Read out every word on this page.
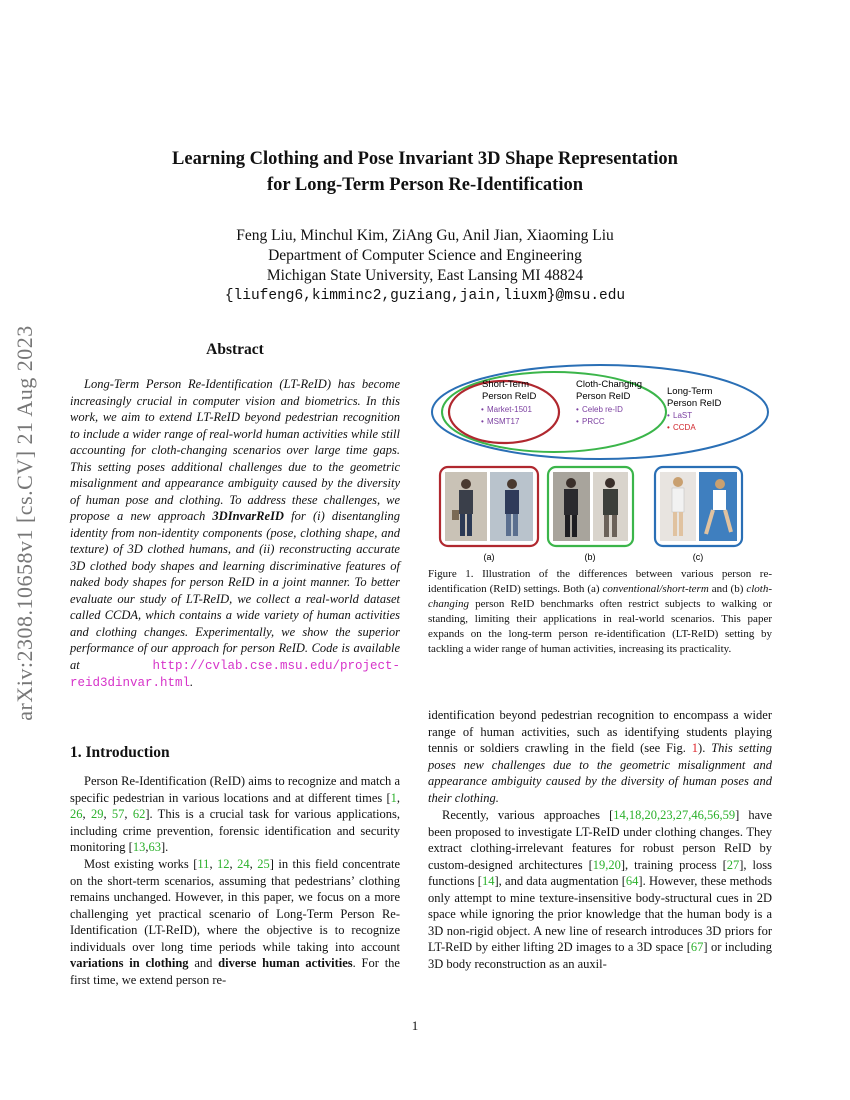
arXiv:2308.10658v1 [cs.CV] 21 Aug 2023
Learning Clothing and Pose Invariant 3D Shape Representation
for Long-Term Person Re-Identification
Feng Liu, Minchul Kim, ZiAng Gu, Anil Jian, Xiaoming Liu
Department of Computer Science and Engineering
Michigan State University, East Lansing MI 48824
{liufeng6,kimminc2,guziang,jain,liuxm}@msu.edu
Abstract
Long-Term Person Re-Identification (LT-ReID) has become increasingly crucial in computer vision and biometrics. In this work, we aim to extend LT-ReID beyond pedestrian recognition to include a wider range of real-world human activities while still accounting for cloth-changing scenarios over large time gaps. This setting poses additional challenges due to the geometric misalignment and appearance ambiguity caused by the diversity of human pose and clothing. To address these challenges, we propose a new approach 3DInvarReID for (i) disentangling identity from non-identity components (pose, clothing shape, and texture) of 3D clothed humans, and (ii) reconstructing accurate 3D clothed body shapes and learning discriminative features of naked body shapes for person ReID in a joint manner. To better evaluate our study of LT-ReID, we collect a real-world dataset called CCDA, which contains a wide variety of human activities and clothing changes. Experimentally, we show the superior performance of our approach for person ReID. Code is available at http://cvlab.cse.msu.edu/project-reid3dinvar.html.
Short-Term
Person ReID
• Market-1501
• MSMT17
Cloth-Changing
Person ReID
• Celeb re-ID
• PRCC
Long-Term
Person ReID
• LaST
• CCDA
(a)	(b)	(c)
Figure 1. Illustration of the differences between various person re-identification (ReID) settings. Both (a) conventional/short-term and (b) cloth-changing person ReID benchmarks often restrict subjects to walking or standing, limiting their applications in real-world scenarios. This paper expands on the long-term person re-identification (LT-ReID) setting by tackling a wider range of human activities, increasing its practicality.
1. Introduction
Person Re-Identification (ReID) aims to recognize and match a specific pedestrian in various locations and at different times [1, 26, 29, 57, 62]. This is a crucial task for various applications, including crime prevention, forensic identification and security monitoring [13,63].
Most existing works [11, 12, 24, 25] in this field concentrate on the short-term scenarios, assuming that pedestrians’ clothing remains unchanged. However, in this paper, we focus on a more challenging yet practical scenario of Long-Term Person Re-Identification (LT-ReID), where the objective is to recognize individuals over long time periods while taking into account variations in clothing and diverse human activities. For the first time, we extend person re-
identification beyond pedestrian recognition to encompass a wider range of human activities, such as identifying students playing tennis or soldiers crawling in the field (see Fig. 1). This setting poses new challenges due to the geometric misalignment and appearance ambiguity caused by the diversity of human poses and their clothing.
Recently, various approaches [14,18,20,23,27,46,56,59] have been proposed to investigate LT-ReID under clothing changes. They extract clothing-irrelevant features for robust person ReID by custom-designed architectures [19,20], training process [27], loss functions [14], and data augmentation [64]. However, these methods only attempt to mine texture-insensitive body-structural cues in 2D space while ignoring the prior knowledge that the human body is a 3D non-rigid object. A new line of research introduces 3D priors for LT-ReID by either lifting 2D images to a 3D space [67] or including 3D body reconstruction as an auxil-
1
